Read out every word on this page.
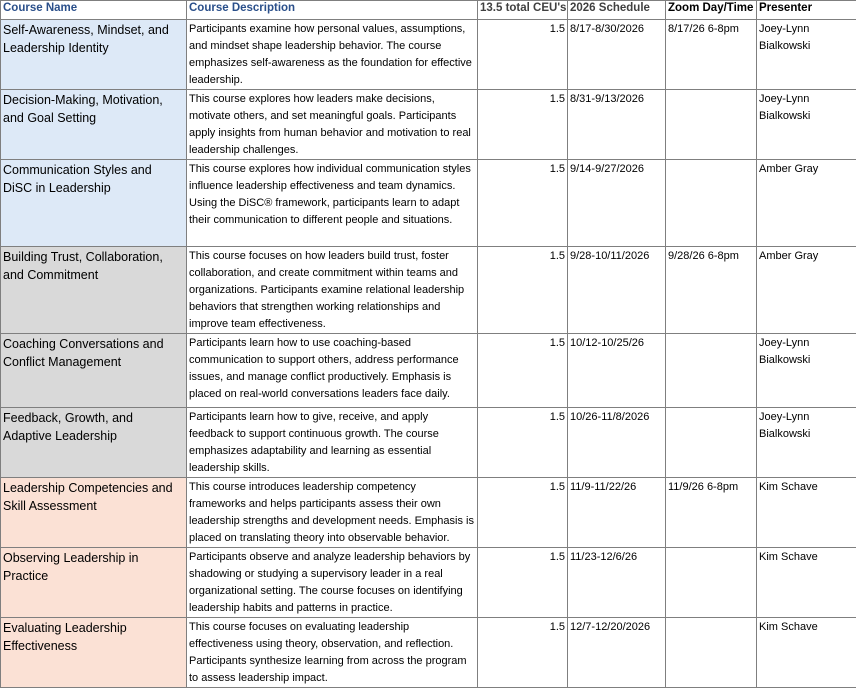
Course Name	Course Description	13.5 total CEU's	2026 Schedule	Zoom Day/Time	Presenter
Self-Awareness, Mindset, and Leadership Identity	Participants examine how personal values, assumptions, and mindset shape leadership behavior. The course emphasizes self-awareness as the foundation for effective leadership.	1.5	8/17-8/30/2026	8/17/26 6-8pm	Joey-Lynn Bialkowski
Decision-Making, Motivation, and Goal Setting	This course explores how leaders make decisions, motivate others, and set meaningful goals. Participants apply insights from human behavior and motivation to real leadership challenges.	1.5	8/31-9/13/2026		Joey-Lynn Bialkowski
Communication Styles and DiSC in Leadership	This course explores how individual communication styles influence leadership effectiveness and team dynamics. Using the DiSC® framework, participants learn to adapt their communication to different people and situations.	1.5	9/14-9/27/2026		Amber Gray
Building Trust, Collaboration, and Commitment	This course focuses on how leaders build trust, foster collaboration, and create commitment within teams and organizations. Participants examine relational leadership behaviors that strengthen working relationships and improve team effectiveness.	1.5	9/28-10/11/2026	9/28/26 6-8pm	Amber Gray
Coaching Conversations and Conflict Management	Participants learn how to use coaching-based communication to support others, address performance issues, and manage conflict productively. Emphasis is placed on real-world conversations leaders face daily.	1.5	10/12-10/25/26		Joey-Lynn Bialkowski
Feedback, Growth, and Adaptive Leadership	Participants learn how to give, receive, and apply feedback to support continuous growth. The course emphasizes adaptability and learning as essential leadership skills.	1.5	10/26-11/8/2026		Joey-Lynn Bialkowski
Leadership Competencies and Skill Assessment	This course introduces leadership competency frameworks and helps participants assess their own leadership strengths and development needs. Emphasis is placed on translating theory into observable behavior.	1.5	11/9-11/22/26	11/9/26 6-8pm	Kim Schave
Observing Leadership in Practice	Participants observe and analyze leadership behaviors by shadowing or studying a supervisory leader in a real organizational setting. The course focuses on identifying leadership habits and patterns in practice.	1.5	11/23-12/6/26		Kim Schave
Evaluating Leadership Effectiveness	This course focuses on evaluating leadership effectiveness using theory, observation, and reflection. Participants synthesize learning from across the program to assess leadership impact.	1.5	12/7-12/20/2026		Kim Schave
